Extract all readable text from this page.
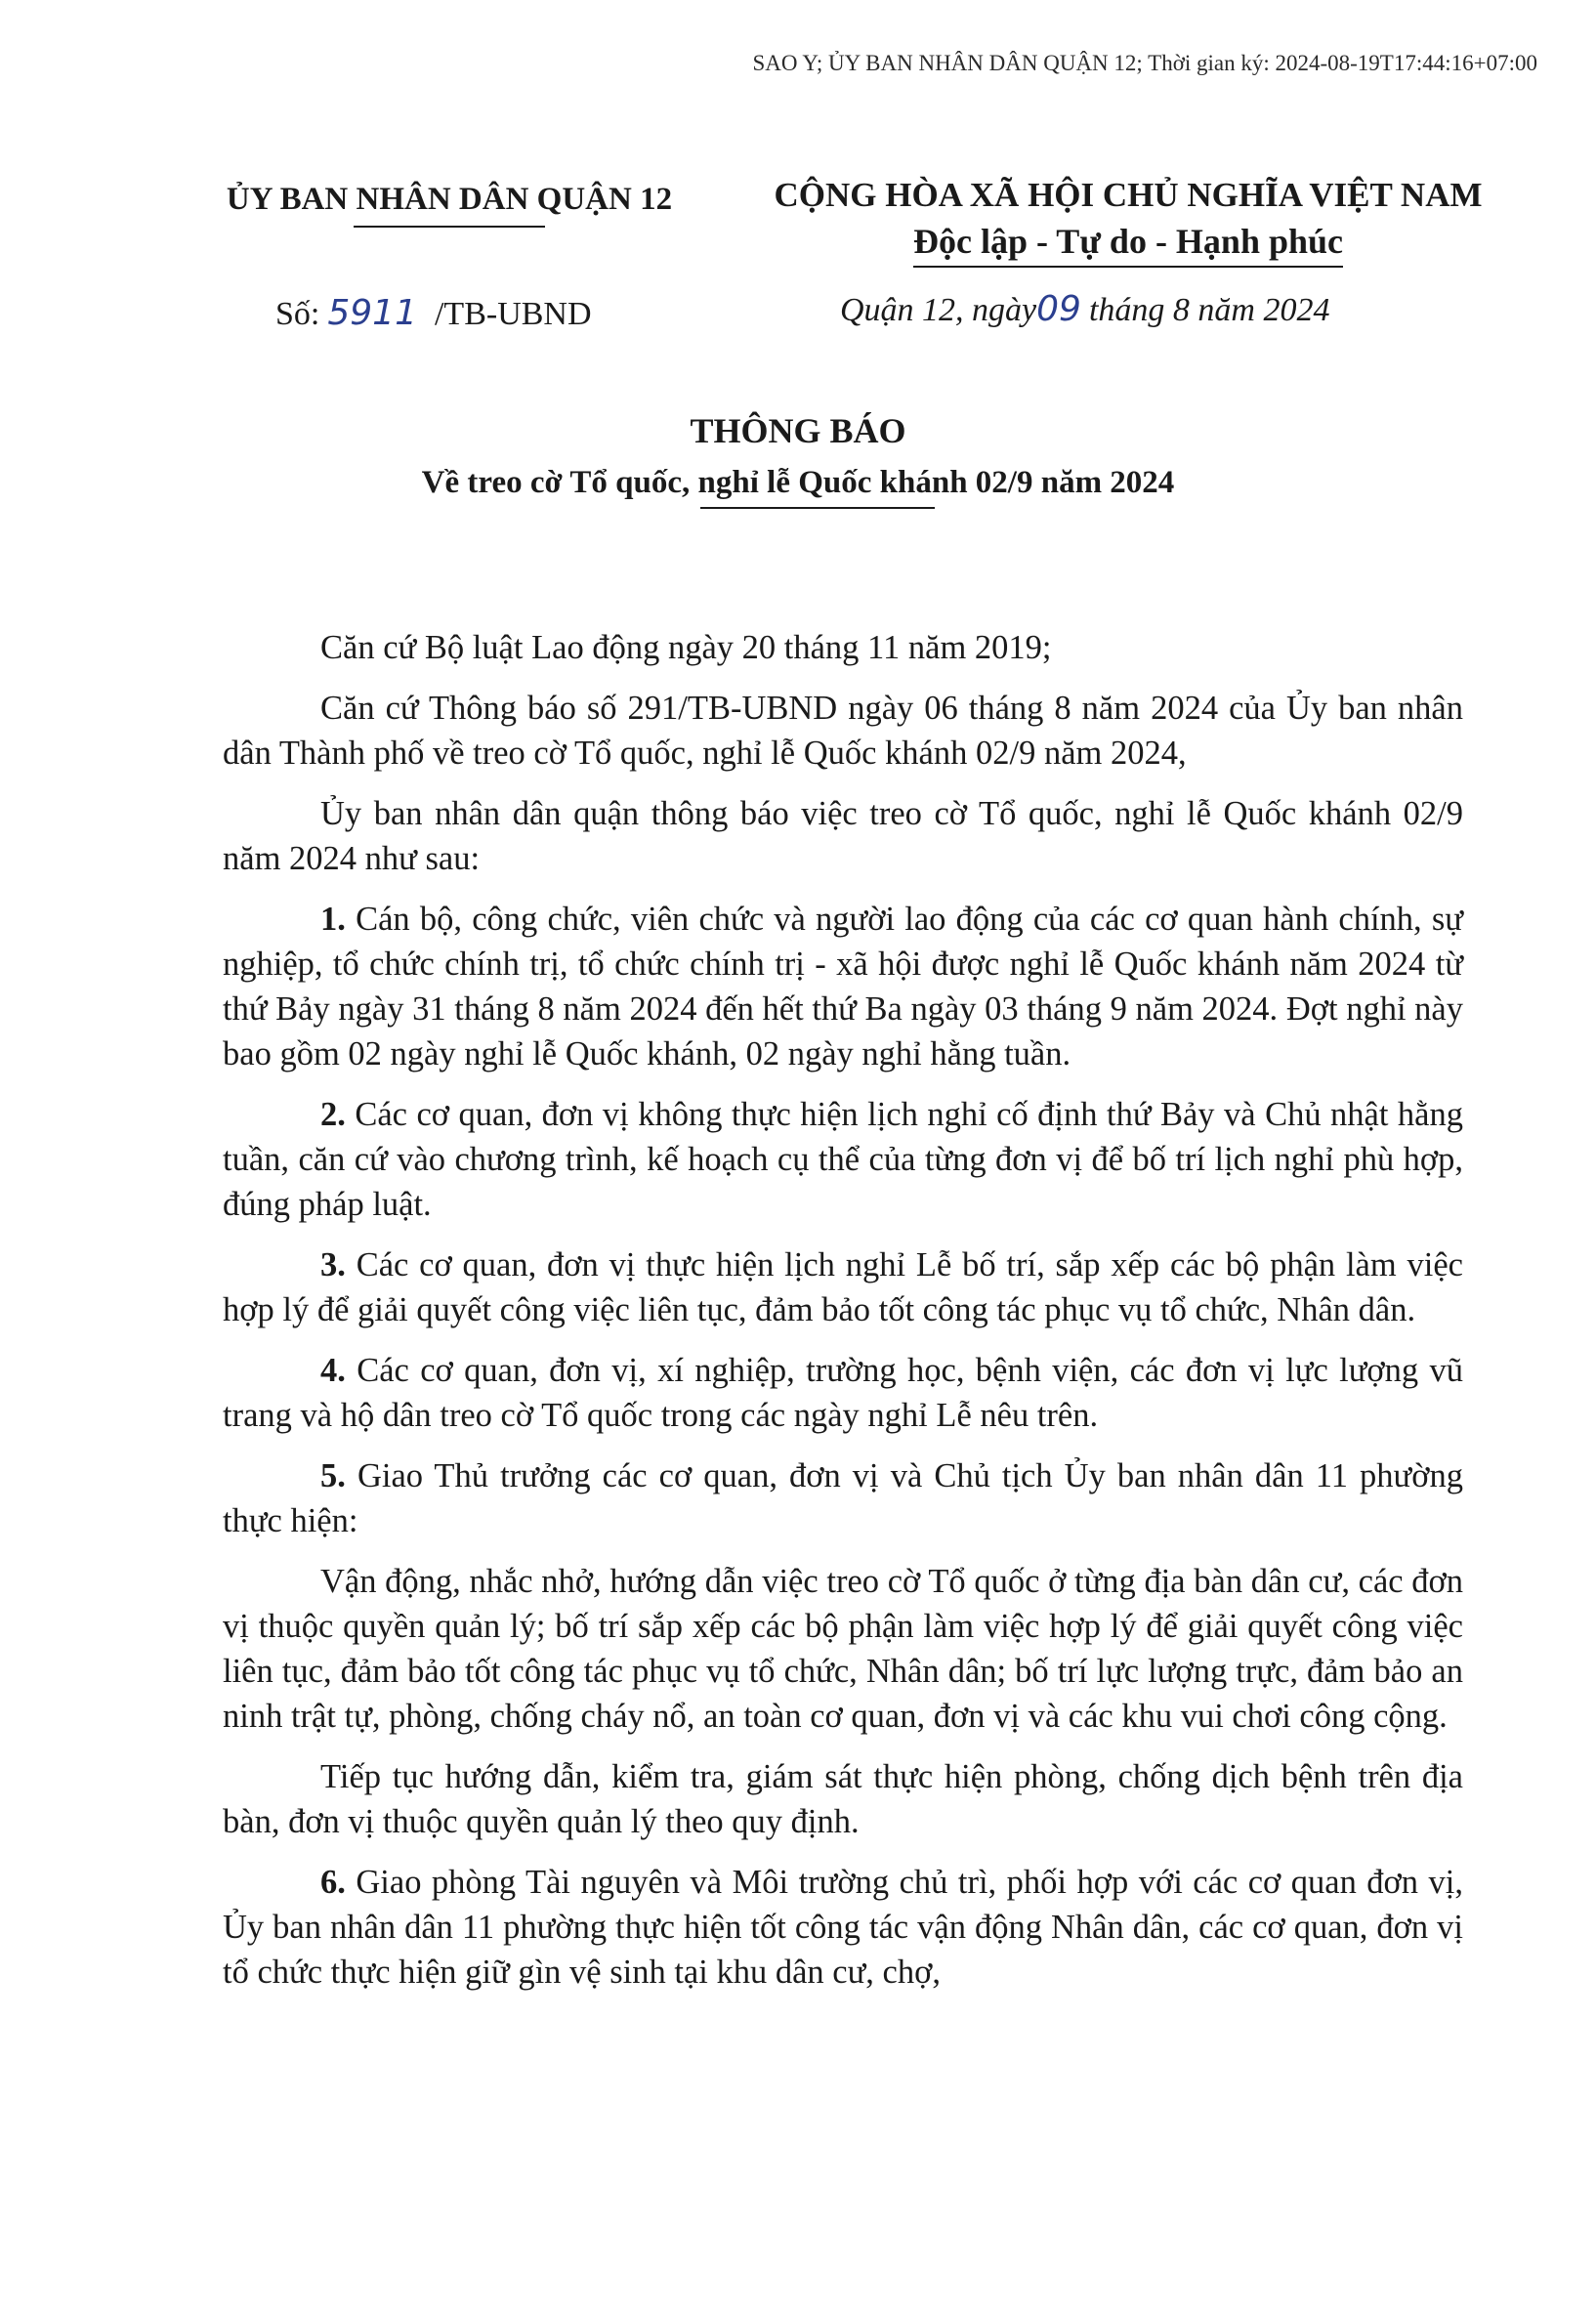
SAO Y; ỦY BAN NHÂN DÂN QUẬN 12; Thời gian ký: 2024-08-19T17:44:16+07:00
ỦY BAN NHÂN DÂN QUẬN 12	CỘNG HÒA XÃ HỘI CHỦ NGHĨA VIỆT NAM
Độc lập - Tự do - Hạnh phúc
Số: 5911 /TB-UBND	Quận 12, ngày09 tháng 8 năm 2024
THÔNG BÁO
Về treo cờ Tổ quốc, nghỉ lễ Quốc khánh 02/9 năm 2024

Căn cứ Bộ luật Lao động ngày 20 tháng 11 năm 2019;

Căn cứ Thông báo số 291/TB-UBND ngày 06 tháng 8 năm 2024 của Ủy ban nhân dân Thành phố về treo cờ Tổ quốc, nghỉ lễ Quốc khánh 02/9 năm 2024,

Ủy ban nhân dân quận thông báo việc treo cờ Tổ quốc, nghỉ lễ Quốc khánh 02/9 năm 2024 như sau:

1. Cán bộ, công chức, viên chức và người lao động của các cơ quan hành chính, sự nghiệp, tổ chức chính trị, tổ chức chính trị - xã hội được nghỉ lễ Quốc khánh năm 2024 từ thứ Bảy ngày 31 tháng 8 năm 2024 đến hết thứ Ba ngày 03 tháng 9 năm 2024. Đợt nghỉ này bao gồm 02 ngày nghỉ lễ Quốc khánh, 02 ngày nghỉ hằng tuần.

2. Các cơ quan, đơn vị không thực hiện lịch nghỉ cố định thứ Bảy và Chủ nhật hằng tuần, căn cứ vào chương trình, kế hoạch cụ thể của từng đơn vị để bố trí lịch nghỉ phù hợp, đúng pháp luật.

3. Các cơ quan, đơn vị thực hiện lịch nghỉ Lễ bố trí, sắp xếp các bộ phận làm việc hợp lý để giải quyết công việc liên tục, đảm bảo tốt công tác phục vụ tổ chức, Nhân dân.

4. Các cơ quan, đơn vị, xí nghiệp, trường học, bệnh viện, các đơn vị lực lượng vũ trang và hộ dân treo cờ Tổ quốc trong các ngày nghỉ Lễ nêu trên.

5. Giao Thủ trưởng các cơ quan, đơn vị và Chủ tịch Ủy ban nhân dân 11 phường thực hiện:

Vận động, nhắc nhở, hướng dẫn việc treo cờ Tổ quốc ở từng địa bàn dân cư, các đơn vị thuộc quyền quản lý; bố trí sắp xếp các bộ phận làm việc hợp lý để giải quyết công việc liên tục, đảm bảo tốt công tác phục vụ tổ chức, Nhân dân; bố trí lực lượng trực, đảm bảo an ninh trật tự, phòng, chống cháy nổ, an toàn cơ quan, đơn vị và các khu vui chơi công cộng.

Tiếp tục hướng dẫn, kiểm tra, giám sát thực hiện phòng, chống dịch bệnh trên địa bàn, đơn vị thuộc quyền quản lý theo quy định.

6. Giao phòng Tài nguyên và Môi trường chủ trì, phối hợp với các cơ quan đơn vị, Ủy ban nhân dân 11 phường thực hiện tốt công tác vận động Nhân dân, các cơ quan, đơn vị tổ chức thực hiện giữ gìn vệ sinh tại khu dân cư, chợ,
